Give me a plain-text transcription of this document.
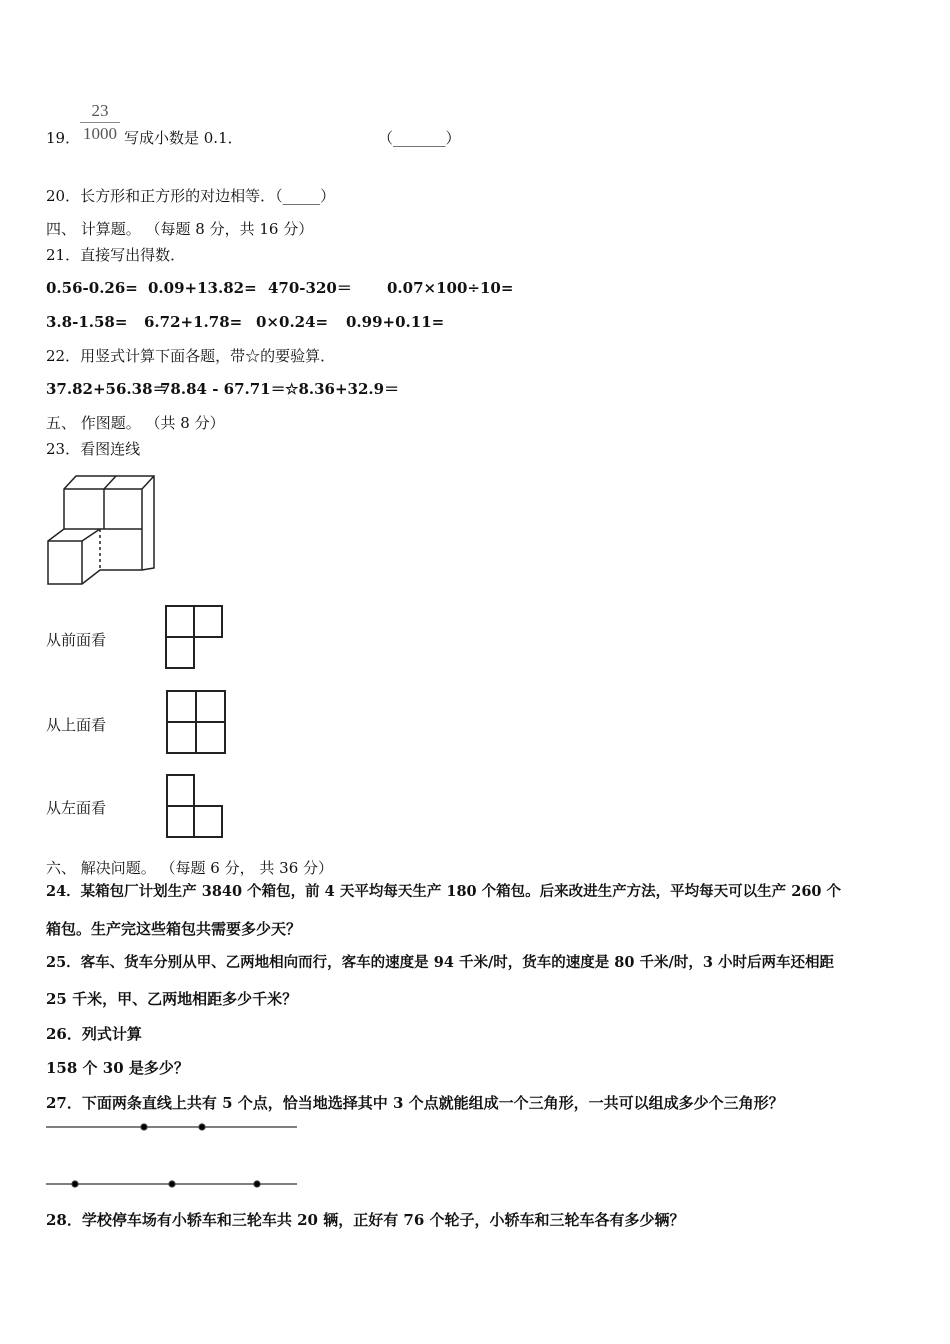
19． $\frac{23}{1000}$ 写成小数是 0.1．	（_______）
20．长方形和正方形的对边相等．（_____）
四、 计算题。 （每题 8 分，共 16 分）
21．直接写出得数．
0.56-0.26= 0.09+13.82= 470-320＝ 0.07×100÷10=
3.8-1.58= 6.72+1.78= 0×0.24= 0.99+0.11=
22．用竖式计算下面各题，带☆的要验算．
37.82+56.38＝
78.84 - 67.71＝ ☆8.36+32.9＝
五、 作图题。 （共 8 分）
23．看图连线
从前面看
从上面看
从左面看
六、 解决问题。 （每题 6 分， 共 36 分）
24．某箱包厂计划生产 3840 个箱包，前 4 天平均每天生产 180 个箱包。后来改进生产方法，平均每天可以生产 260 个
箱包。生产完这些箱包共需要多少天？
25．客车、货车分别从甲、乙两地相向而行，客车的速度是 94 千米/时，货车的速度是 80 千米/时，3 小时后两车还相距
25 千米，甲、乙两地相距多少千米？
26．列式计算
158 个 30 是多少？
27．下面两条直线上共有 5 个点，恰当地选择其中 3 个点就能组成一个三角形，一共可以组成多少个三角形？
28．学校停车场有小轿车和三轮车共 20 辆，正好有 76 个轮子，小轿车和三轮车各有多少辆？
